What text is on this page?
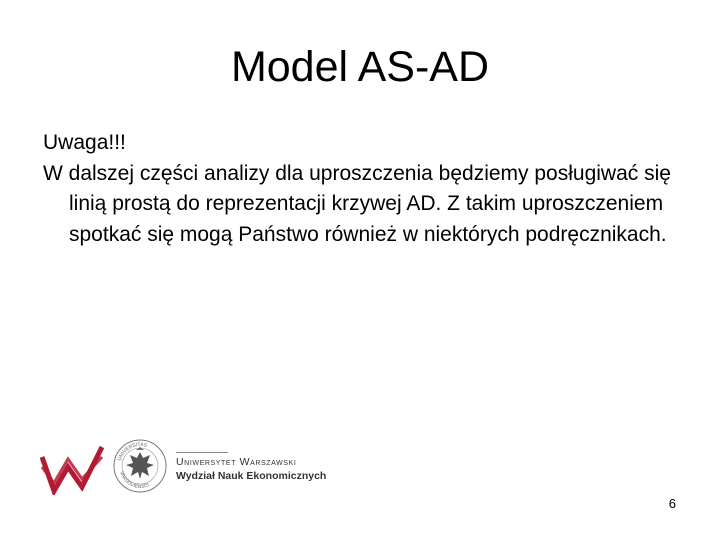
Model AS-AD

Uwaga!!!

W dalszej części analizy dla uproszczenia będziemy posługiwać się linią prostą do reprezentacji krzywej AD. Z takim uproszczeniem spotkać się mogą Państwo również w niektórych podręcznikach.

UNIVERSITAS
VARSOVIENSIS
Uniwersytet Warszawski
Wydział Nauk Ekonomicznych
6
